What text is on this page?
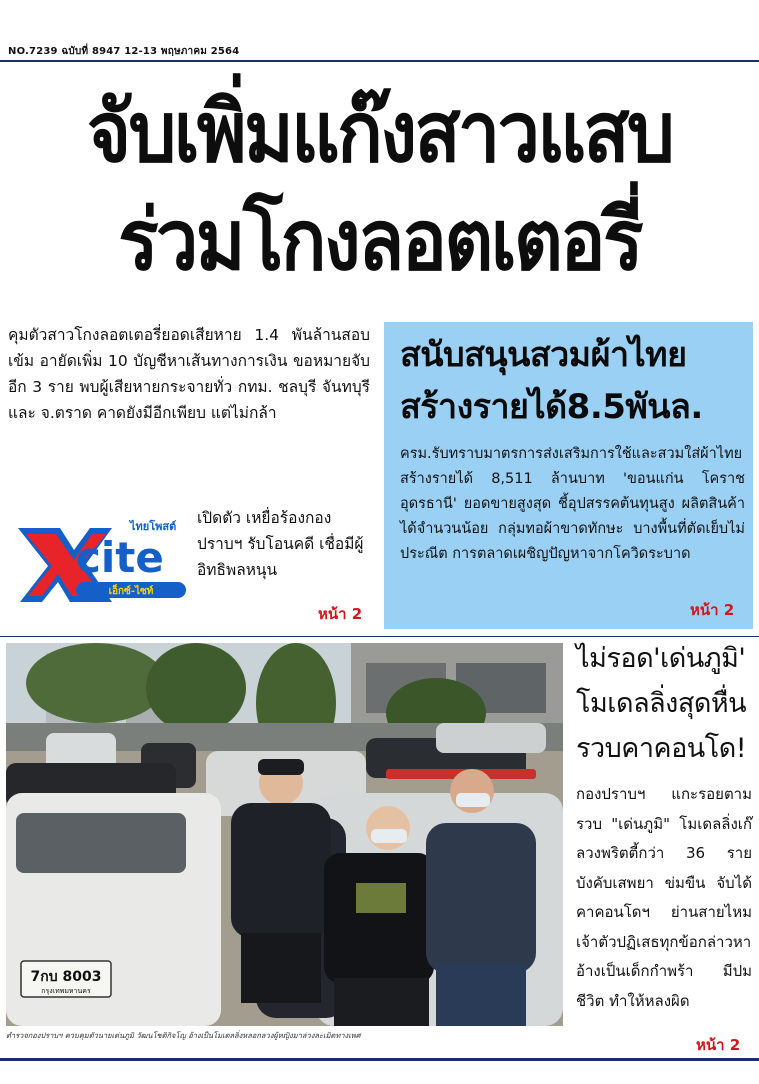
NO.7239 ฉบับที่ 8947 12-13 พฤษภาคม 2564
จับเพิ่มแก๊งสาวแสบ
ร่วมโกงลอตเตอรี่
คุมตัวสาวโกงลอตเตอรี่ยอดเสียหาย 1.4 พันล้านสอบเข้ม อายัดเพิ่ม 10 บัญชีหาเส้นทางการเงิน ขอหมายจับอีก 3 ราย พบผู้เสียหายกระจายทั่ว กทม. ชลบุรี จันทบุรี และ จ.ตราด คาดยังมีอีกเพียบ แต่ไม่กล้า
เปิดตัว เหยื่อร้องกองปราบฯ รับโอนคดี เชื่อมีผู้อิทธิพลหนุน
หน้า 2
ไทยโพสต์
cite
เอ็กซ์-ไซท์
สนับสนุนสวมผ้าไทย
สร้างรายได้8.5พันล.
ครม.รับทราบมาตรการส่งเสริมการใช้และสวมใส่ผ้าไทยสร้างรายได้ 8,511 ล้านบาท 'ขอนแก่น โคราช อุดรธานี' ยอดขายสูงสุด ชี้อุปสรรคต้นทุนสูง ผลิตสินค้าได้จำนวนน้อย กลุ่มทอผ้าขาดทักษะ บางพื้นที่ตัดเย็บไม่ประณีต การตลาดเผชิญปัญหาจากโควิดระบาด
หน้า 2
7กบ 8003
กรุงเทพมหานคร
ตำรวจกองปราบฯ ควบคุมตัวนายเด่นภูมิ วัฒนโชติกิจโญ อ้างเป็นโมเดลลิ่งหลอกลวงผู้หญิงมาล่วงละเมิดทางเพศ
ไม่รอด'เด่นภูมิ'
โมเดลลิ่งสุดหื่น
รวบคาคอนโด!
กองปราบฯ แกะรอยตามรวบ "เด่นภูมิ" โมเดลลิ่งเก๊ลวงพริตตี้กว่า 36 ราย บังคับเสพยา ข่มขืน จับได้คาคอนโดฯ ย่านสายไหม เจ้าตัวปฏิเสธทุกข้อกล่าวหา อ้างเป็นเด็กกำพร้า มีปมชีวิต ทำให้หลงผิด
หน้า 2
